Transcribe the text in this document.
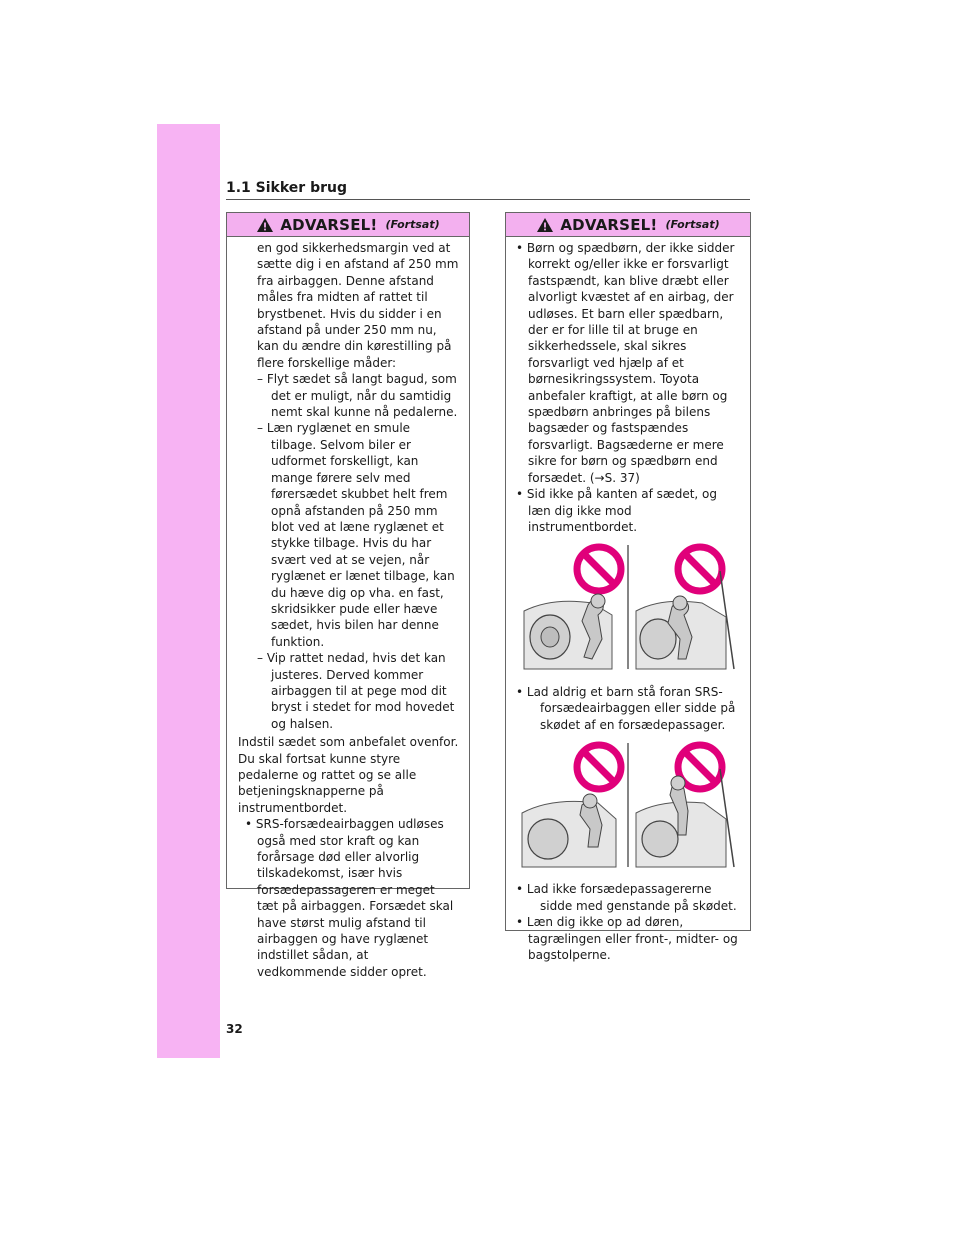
1.1 Sikker brug
ADVARSEL! (Fortsat)

en god sikkerhedsmargin ved at sætte dig i en afstand af 250 mm fra airbaggen. Denne afstand måles fra midten af rattet til brystbenet. Hvis du sidder i en afstand på under 250 mm nu, kan du ændre din kørestilling på flere forskellige måder:

– Flyt sædet så langt bagud, som det er muligt, når du samtidig nemt skal kunne nå pedalerne.

– Læn ryglænet en smule tilbage. Selvom biler er udformet forskelligt, kan mange førere selv med førersædet skubbet helt frem opnå afstanden på 250 mm blot ved at læne ryglænet et stykke tilbage. Hvis du har svært ved at se vejen, når ryglænet er lænet tilbage, kan du hæve dig op vha. en fast, skridsikker pude eller hæve sædet, hvis bilen har denne funktion.

– Vip rattet nedad, hvis det kan justeres. Derved kommer airbaggen til at pege mod dit bryst i stedet for mod hovedet og halsen.

Indstil sædet som anbefalet ovenfor. Du skal fortsat kunne styre pedalerne og rattet og se alle betjeningsknapperne på instrumentbordet.

• SRS-forsædeairbaggen udløses også med stor kraft og kan forårsage død eller alvorlig tilskadekomst, især hvis forsædepassageren er meget tæt på airbaggen. Forsædet skal have størst mulig afstand til airbaggen og have ryglænet indstillet sådan, at vedkommende sidder opret.

ADVARSEL! (Fortsat)

• Børn og spædbørn, der ikke sidder korrekt og/eller ikke er forsvarligt fastspændt, kan blive dræbt eller alvorligt kvæstet af en airbag, der udløses. Et barn eller spædbarn, der er for lille til at bruge en sikkerhedssele, skal sikres forsvarligt ved hjælp af et børnesikringssystem. Toyota anbefaler kraftigt, at alle børn og spædbørn anbringes på bilens bagsæder og fastspændes forsvarligt. Bagsæderne er mere sikre for børn og spædbørn end forsædet. (→S. 37)

• Sid ikke på kanten af sædet, og læn dig ikke mod instrumentbordet.

• Lad aldrig et barn stå foran SRS-forsædeairbaggen eller sidde på skødet af en forsædepassager.

• Lad ikke forsædepassagererne sidde med genstande på skødet.

• Læn dig ikke op ad døren, tagrælingen eller front-, midter- og bagstolperne.

32
